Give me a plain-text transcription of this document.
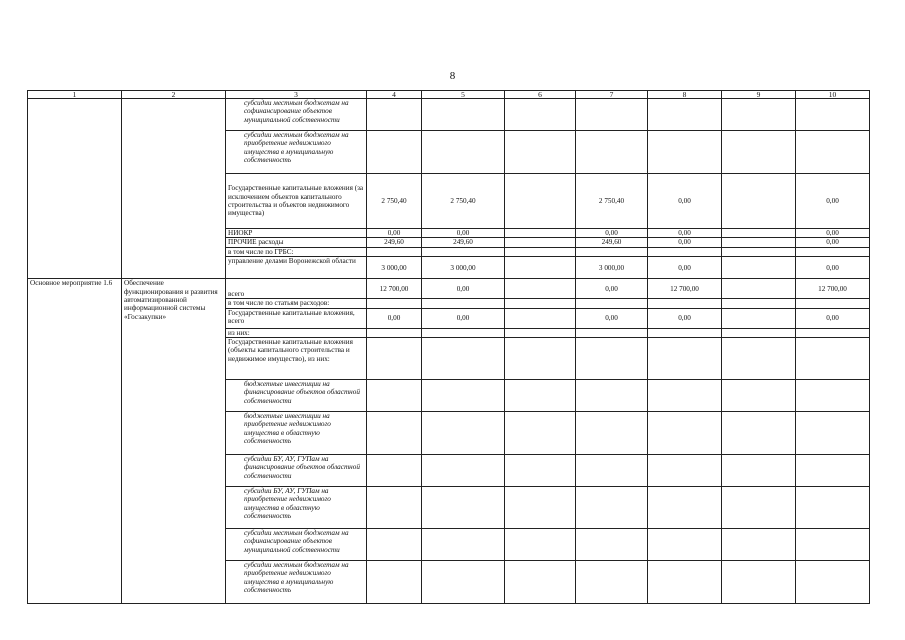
8
1	2	3	4	5	6	7	8	9	10
		субсидии местным бюджетам на софинансирование объектов муниципальной собственности							
		субсидии местным бюджетам на приобретение недвижимого имущества в муниципальную собственность							
		Государственные капитальные вложения (за исключением объектов капитального строительства и объектов недвижимого имущества)	2 750,40	2 750,40		2 750,40	0,00		0,00
		НИОКР	0,00	0,00		0,00	0,00		0,00
		ПРОЧИЕ расходы	249,60	249,60		249,60	0,00		0,00
		в том числе по ГРБС:							
		управление делами Воронежской области	3 000,00	3 000,00		3 000,00	0,00		0,00
Основное мероприятие 1.6	Обеспечение функционирования и развития автоматизированной информационной системы «Госзакупки»	всего	12 700,00	0,00		0,00	12 700,00		12 700,00
		в том числе по статьям расходов:							
		Государственные капитальные вложения, всего	0,00	0,00		0,00	0,00		0,00
		из них:							
		Государственные капитальные вложения (объекты капитального строительства и недвижимое имущество), из них:							
		бюджетные инвестиции на финансирование объектов областной собственности							
		бюджетные инвестиции на приобретение недвижимого имущества в областную собственность							
		субсидии БУ, АУ, ГУПам на финансирование объектов областной собственности							
		субсидии БУ, АУ, ГУПам на приобретение недвижимого имущества в областную собственность							
		субсидии местным бюджетам на софинансирование объектов муниципальной собственности							
		субсидии местным бюджетам на приобретение недвижимого имущества в муниципальную собственность							
